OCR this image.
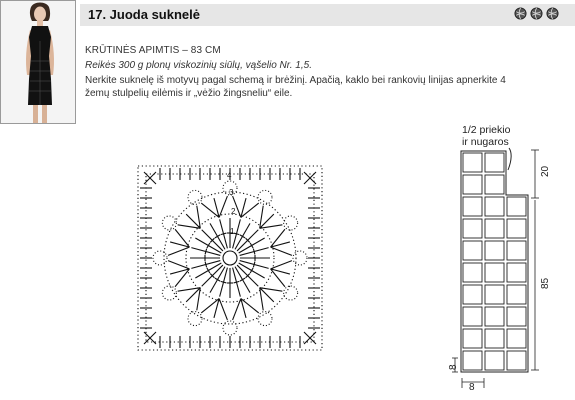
17. Juoda suknelė
KRŪTINĖS APIMTIS – 83 CM
Reikės 300 g plonų viskozinių siūlų, vąšelio Nr. 1,5.
Nerkite suknelę iš motyvų pagal schemą ir brėžinį. Apačią, kaklo bei rankovių linijas apnerkite 4 žemų stulpelių eilėmis ir „vėžio žingsneliu“ eile.
4
3
2
1
1/2 priekio
ir nugaros
20
85
8
8
